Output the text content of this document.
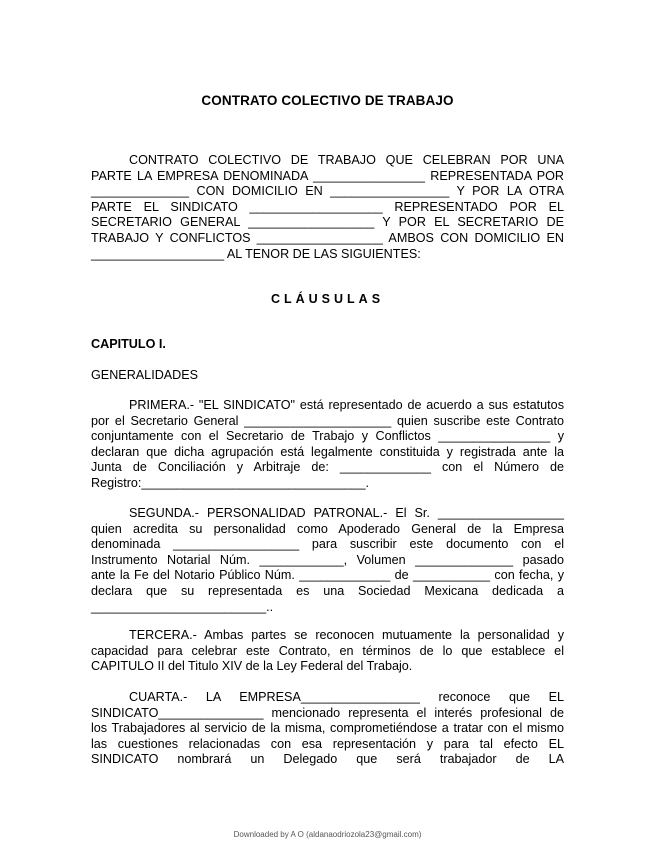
CONTRATO COLECTIVO DE TRABAJO
CONTRATO COLECTIVO DE TRABAJO QUE CELEBRAN POR UNA
PARTE LA EMPRESA DENOMINADA ________________ REPRESENTADA POR
______________ CON DOMICILIO EN _________________ Y POR LA OTRA
PARTE EL SINDICATO ___________________ REPRESENTADO POR EL
SECRETARIO GENERAL __________________ Y POR EL SECRETARIO DE
TRABAJO Y CONFLICTOS __________________ AMBOS CON DOMICILIO EN
___________________ AL TENOR DE LAS SIGUIENTES:
CLÁUSULAS
CAPITULO I.
GENERALIDADES
PRIMERA.- "EL SINDICATO" está representado de acuerdo a sus estatutos
por el Secretario General _____________________ quien suscribe este Contrato
conjuntamente con el Secretario de Trabajo y Conflictos ________________ y
declaran que dicha agrupación está legalmente constituida y registrada ante la
Junta de Conciliación y Arbitraje de: _____________ con el Número de
Registro:________________________________.
SEGUNDA.- PERSONALIDAD PATRONAL.- El Sr. __________________
quien acredita su personalidad como Apoderado General de la Empresa
denominada __________________ para suscribir este documento con el
Instrumento Notarial Núm. ____________, Volumen ______________ pasado
ante la Fe del Notario Público Núm. _____________ de ___________ con fecha, y
declara que su representada es una Sociedad Mexicana dedicada a
_________________________..
TERCERA.- Ambas partes se reconocen mutuamente la personalidad y
capacidad para celebrar este Contrato, en términos de lo que establece el
CAPITULO II del Titulo XIV de la Ley Federal del Trabajo.
CUARTA.- LA EMPRESA_________________ reconoce que EL
SINDICATO_______________ mencionado representa el interés profesional de
los Trabajadores al servicio de la misma, comprometiéndose a tratar con el mismo
las cuestiones relacionadas con esa representación y para tal efecto EL
SINDICATO nombrará un Delegado que será trabajador de LA
Downloaded by A O (aldanaodriozola23@gmail.com)
